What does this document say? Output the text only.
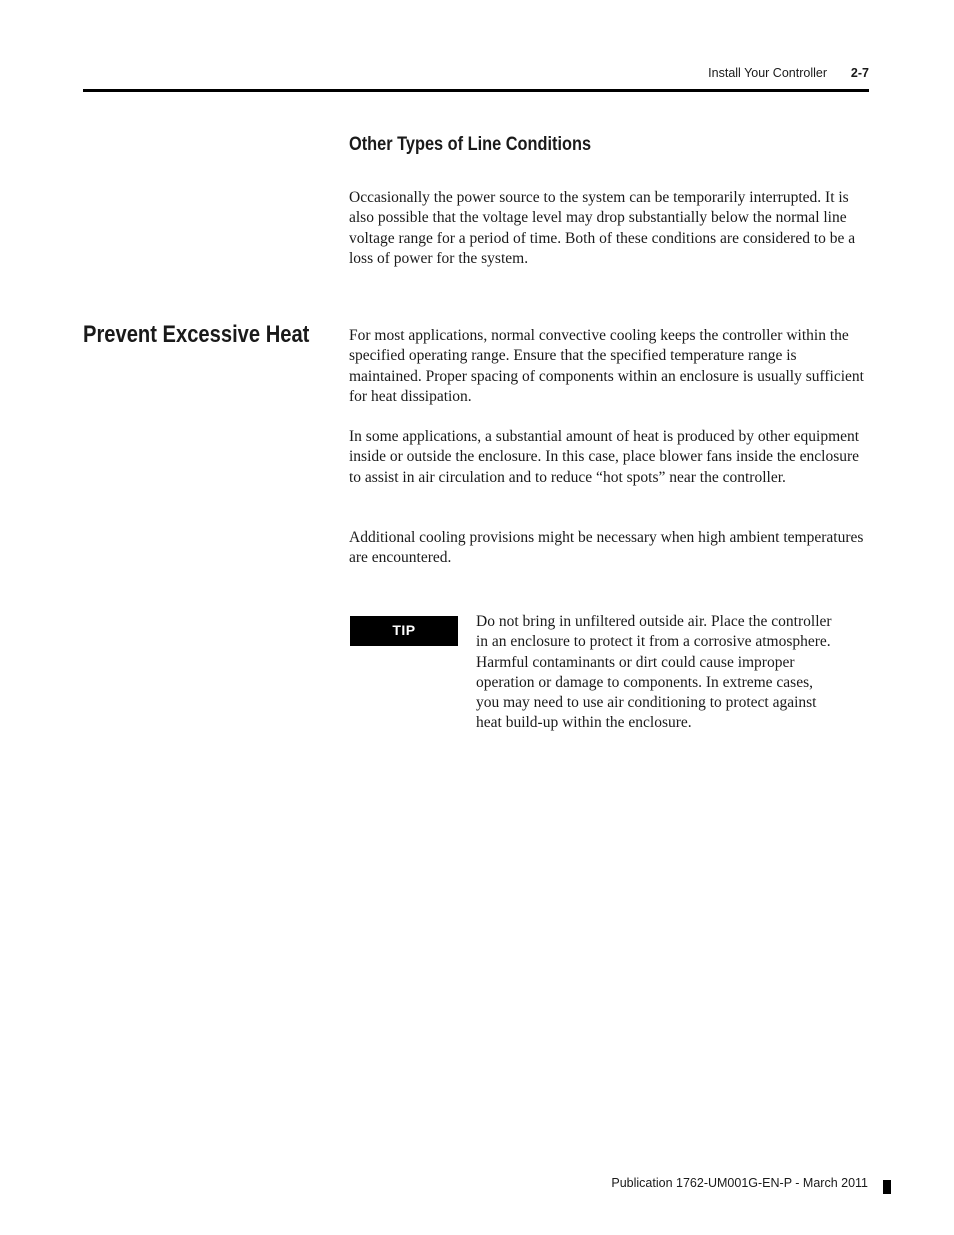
Install Your Controller 2-7
Other Types of Line Conditions

Occasionally the power source to the system can be temporarily interrupted. It is also possible that the voltage level may drop substantially below the normal line voltage range for a period of time. Both of these conditions are considered to be a loss of power for the system.

Prevent Excessive Heat	For most applications, normal convective cooling keeps the controller within the specified operating range. Ensure that the specified temperature range is maintained. Proper spacing of components within an enclosure is usually sufficient for heat dissipation.

In some applications, a substantial amount of heat is produced by other equipment inside or outside the enclosure. In this case, place blower fans inside the enclosure to assist in air circulation and to reduce “hot spots” near the controller.

Additional cooling provisions might be necessary when high ambient temperatures are encountered.

TIP	Do not bring in unfiltered outside air. Place the controller in an enclosure to protect it from a corrosive atmosphere. Harmful contaminants or dirt could cause improper operation or damage to components. In extreme cases, you may need to use air conditioning to protect against heat build-up within the enclosure.

Publication 1762-UM001G-EN-P - March 2011
